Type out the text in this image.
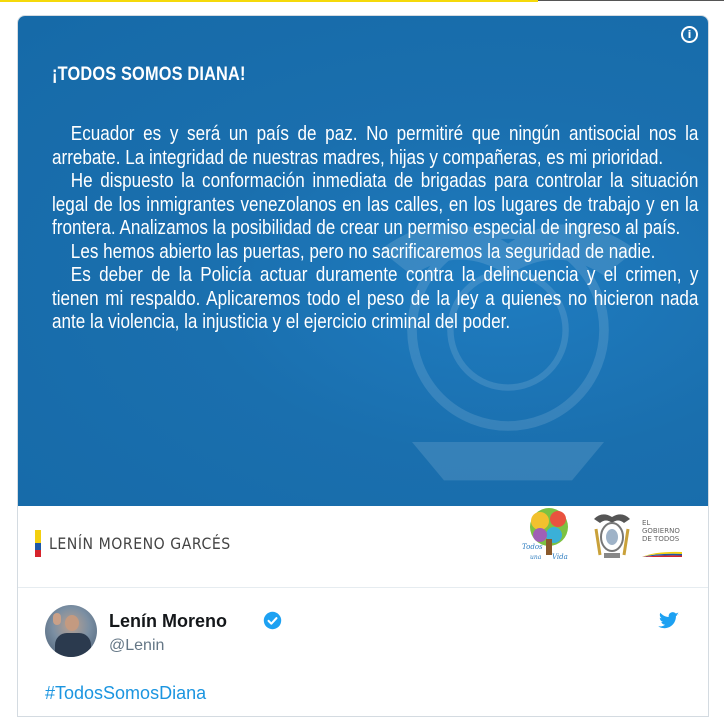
i
¡TODOS SOMOS DIANA!

Ecuador es y será un país de paz. No permitiré que ningún antisocial nos la arrebate. La integridad de nuestras madres, hijas y compañeras, es mi prioridad.

He dispuesto la conformación inmediata de brigadas para controlar la situación legal de los inmigrantes venezolanos en las calles, en los lugares de trabajo y en la frontera. Analizamos la posibilidad de crear un permiso especial de ingreso al país.

Les hemos abierto las puertas, pero no sacrificaremos la seguridad de nadie.

Es deber de la Policía actuar duramente contra la delincuencia y el crimen, y tienen mi respaldo. Aplicaremos todo el peso de la ley a quienes no hicieron nada ante la violencia, la injusticia y el ejercicio criminal del poder.

LENÍN MORENO GARCÉS	Todos
una Vida
EL
GOBIERNO
DE TODOS
Lenín Moreno
@Lenin
#TodosSomosDiana
